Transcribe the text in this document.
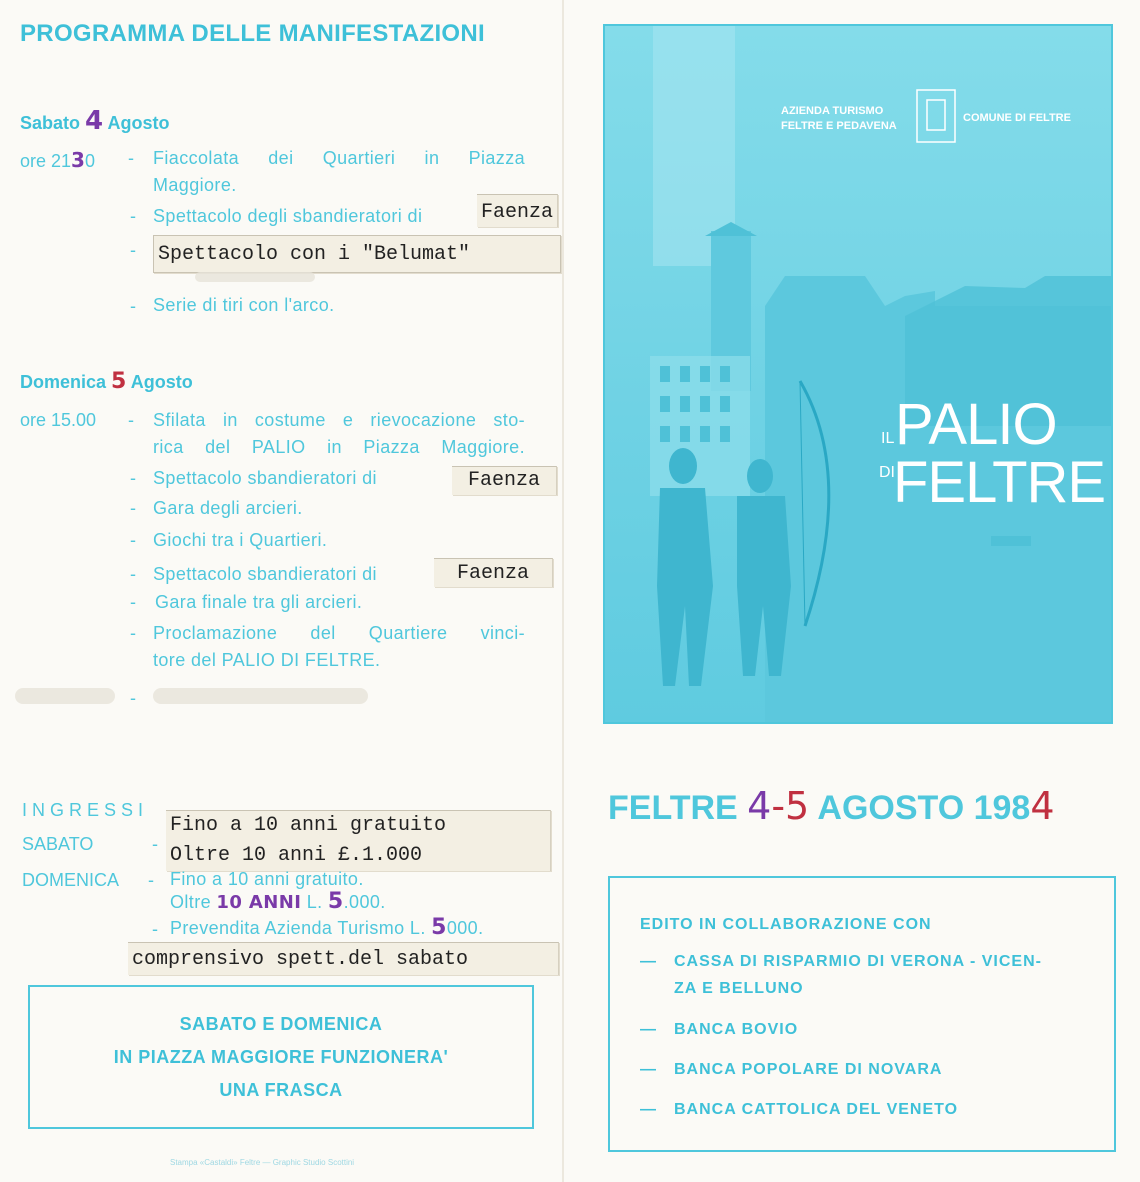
PROGRAMMA DELLE MANIFESTAZIONI
Sabato 4 Agosto
ore 2130 - Fiaccolata dei Quartieri in Piazza
Maggiore.
- Spettacolo degli sbandieratori di	Faenza
- Spettacolo con i "Belumat"
- Serie di tiri con l'arco.
Domenica 5 Agosto
ore 15.00 - Sfilata in costume e rievocazione sto-
rica del PALIO in Piazza Maggiore.
- Spettacolo sbandieratori di	Faenza
- Gara degli arcieri.
- Giochi tra i Quartieri.
- Spettacolo sbandieratori di	Faenza
- Gara finale tra gli arcieri.
- Proclamazione del Quartiere vinci-
tore del PALIO DI FELTRE.
-
INGRESSI
SABATO	-
Fino a 10 anni gratuito
Oltre 10 anni £.1.000
DOMENICA - Fino a 10 anni gratuito.
Oltre 10 ANNI L. 5.000.
- Prevendita Azienda Turismo L. 5000.
comprensivo spett.del sabato
SABATO E DOMENICA
IN PIAZZA MAGGIORE FUNZIONERA'
UNA FRASCA
Stampa «Castaldi» Feltre — Graphic Studio Scottini
AZIENDA TURISMO
FELTRE E PEDAVENA
COMUNE DI FELTRE
IL PALIO
DI
FELTRE
FELTRE 4-5 AGOSTO 1984
EDITO IN COLLABORAZIONE CON
— CASSA DI RISPARMIO DI VERONA - VICEN-
ZA E BELLUNO
— BANCA BOVIO
— BANCA POPOLARE DI NOVARA
— BANCA CATTOLICA DEL VENETO
